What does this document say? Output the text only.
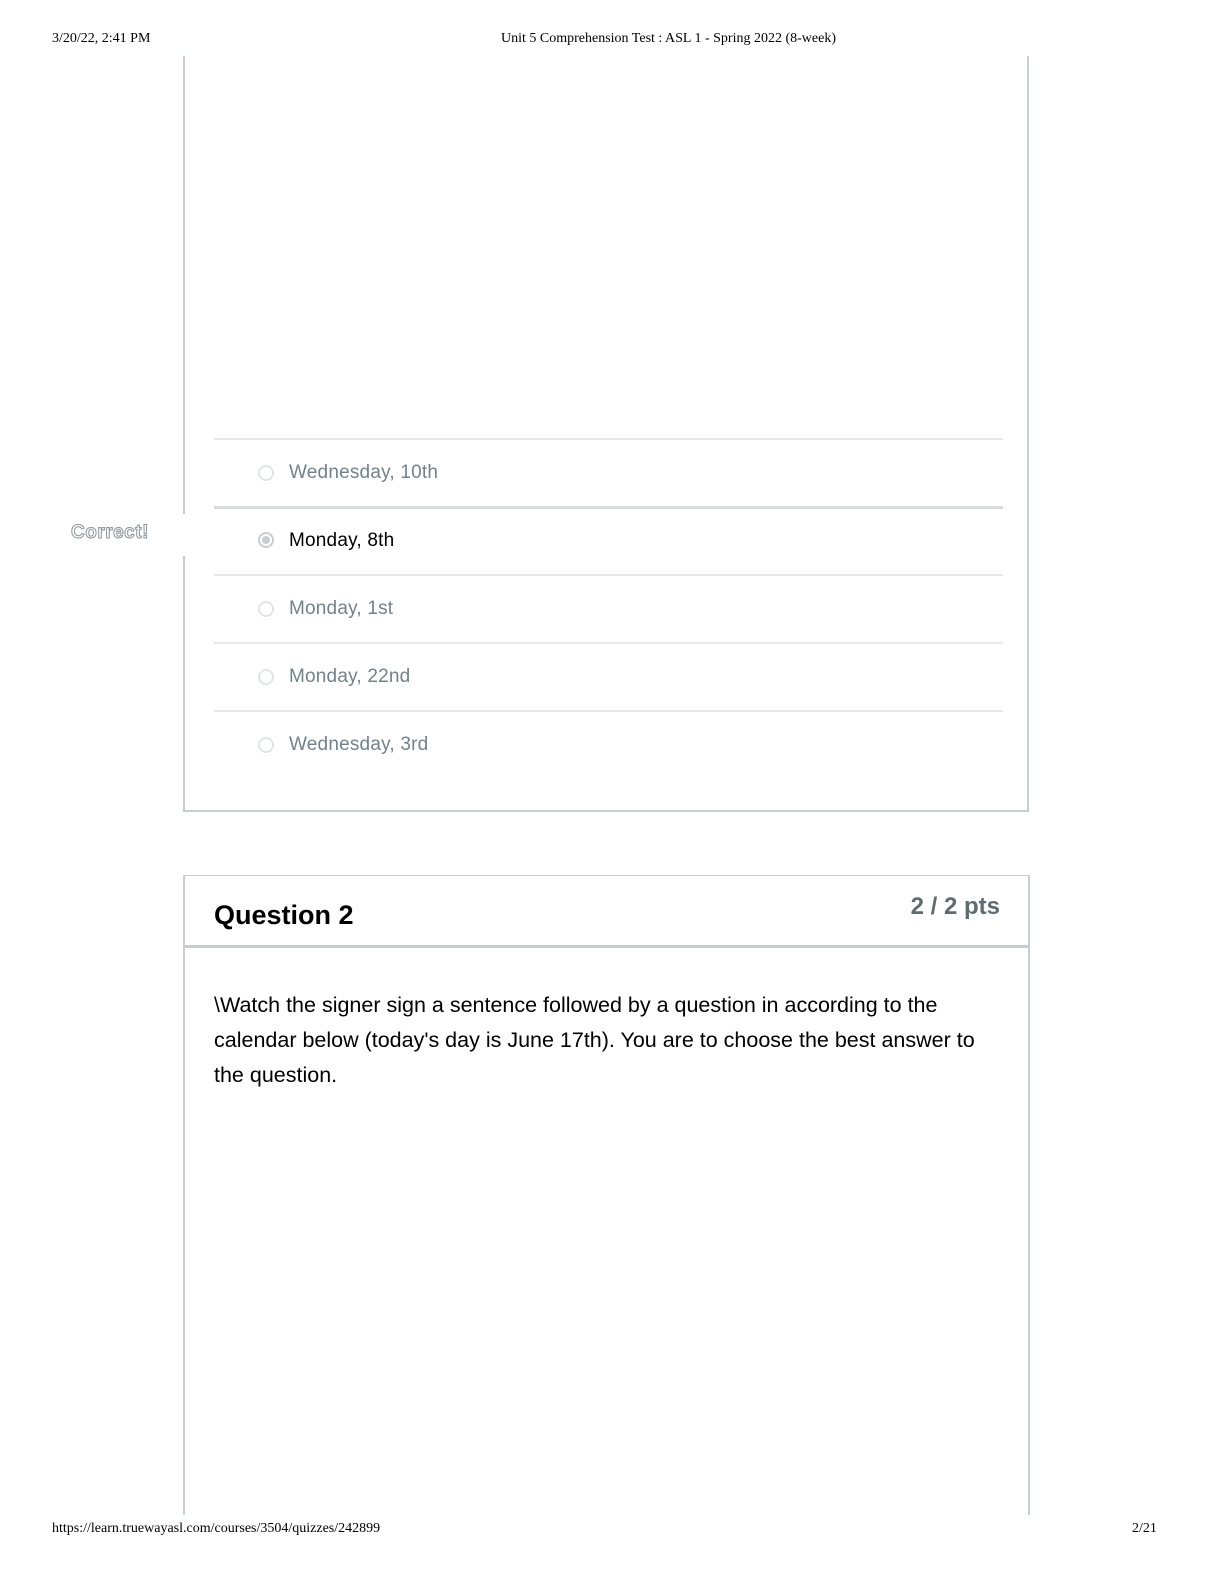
3/20/22, 2:41 PM	Unit 5 Comprehension Test : ASL 1 - Spring 2022 (8-week)
Correct!
Wednesday, 10th
Monday, 8th
Monday, 1st
Monday, 22nd
Wednesday, 3rd
Question 2	2 / 2 pts
\Watch the signer sign a sentence followed by a question in according to the calendar below (today's day is June 17th). You are to choose the best answer to the question.
https://learn.truewayasl.com/courses/3504/quizzes/242899	2/21
